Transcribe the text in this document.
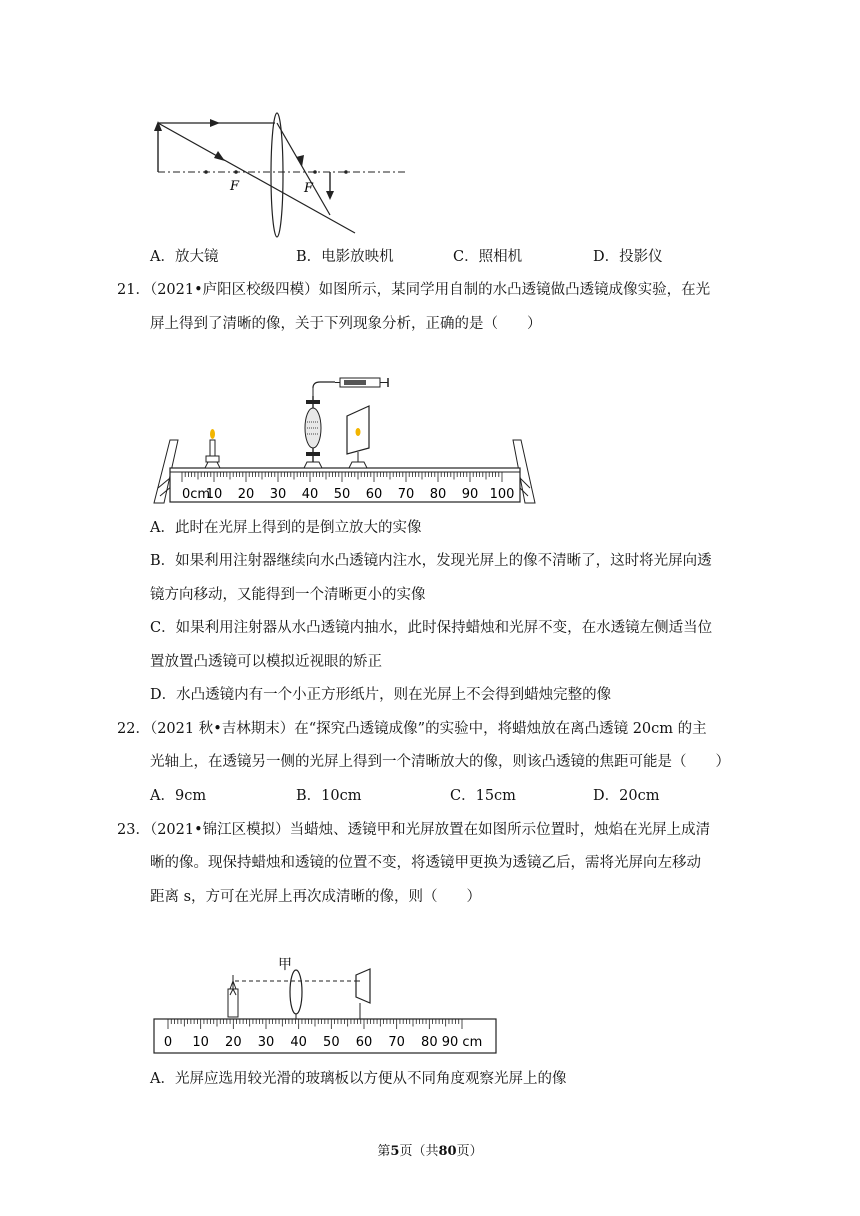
F	F
A．放大镜	B．电影放映机	C．照相机	D．投影仪
21．（2021•庐阳区校级四模）如图所示，某同学用自制的水凸透镜做凸透镜成像实验，在光
屏上得到了清晰的像，关于下列现象分析，正确的是（　　）
0cm
10 20 30 40 50 60 70 80 90 100
A．此时在光屏上得到的是倒立放大的实像
B．如果利用注射器继续向水凸透镜内注水，发现光屏上的像不清晰了，这时将光屏向透
镜方向移动，又能得到一个清晰更小的实像
C．如果利用注射器从水凸透镜内抽水，此时保持蜡烛和光屏不变，在水透镜左侧适当位
置放置凸透镜可以模拟近视眼的矫正
D．水凸透镜内有一个小正方形纸片，则在光屏上不会得到蜡烛完整的像
22．（2021 秋•吉林期末）在“探究凸透镜成像”的实验中，将蜡烛放在离凸透镜 20cm 的主
光轴上，在透镜另一侧的光屏上得到一个清晰放大的像，则该凸透镜的焦距可能是（　　）
A．9cm	B．10cm	C．15cm	D．20cm
23．（2021•锦江区模拟）当蜡烛、透镜甲和光屏放置在如图所示位置时，烛焰在光屏上成清
晰的像。现保持蜡烛和透镜的位置不变，将透镜甲更换为透镜乙后，需将光屏向左移动
距离 s，方可在光屏上再次成清晰的像，则（　　）
甲
0 10 20 30 40 50 60 70 80 90 cm
A．光屏应选用较光滑的玻璃板以方便从不同角度观察光屏上的像
第5页（共80页）
